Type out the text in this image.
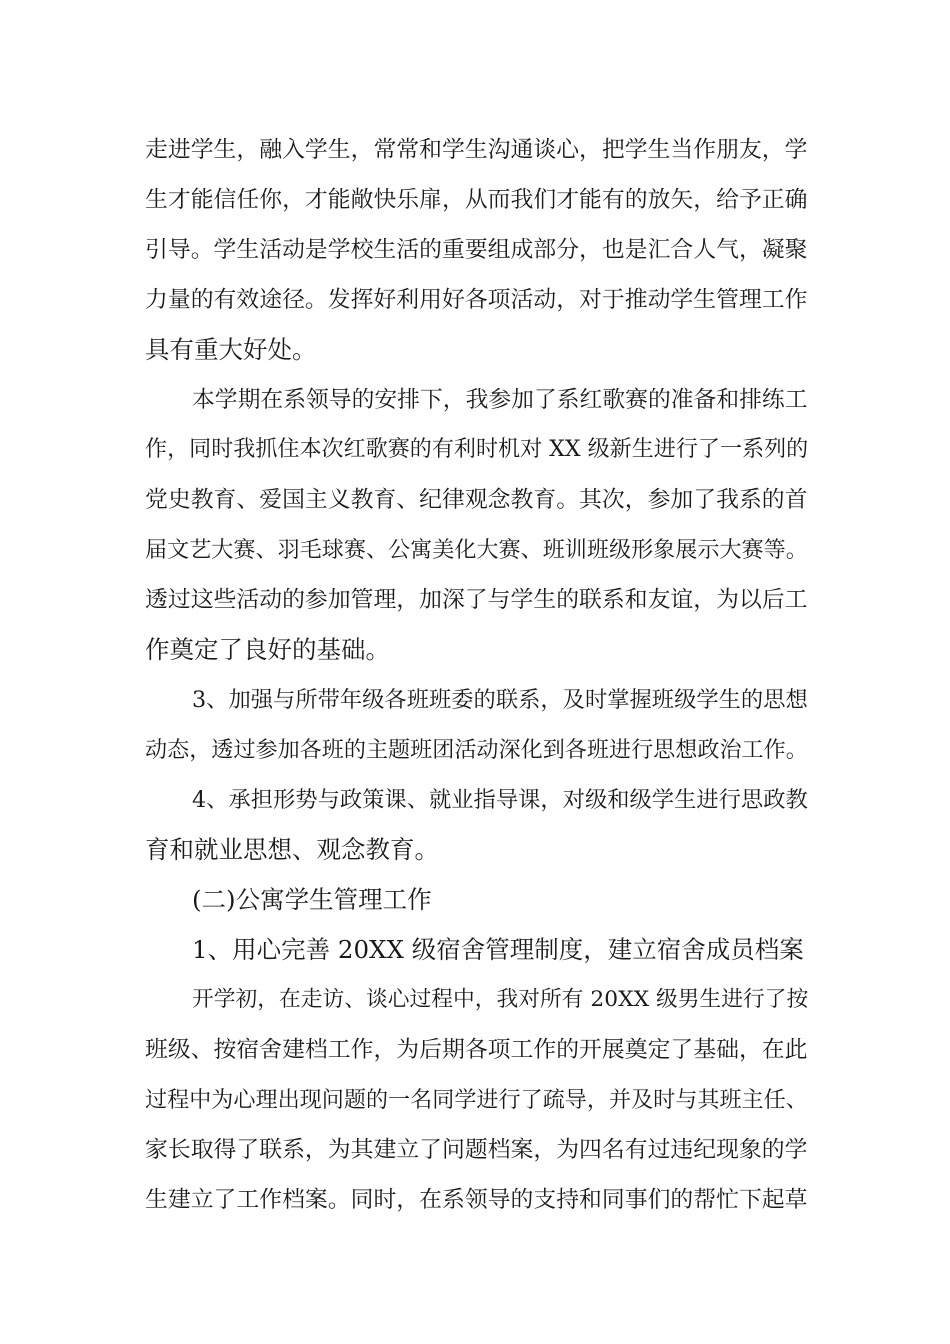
走进学生，融入学生，常常和学生沟通谈心，把学生当作朋友，学
生才能信任你，才能敞快乐扉，从而我们才能有的放矢，给予正确
引导。学生活动是学校生活的重要组成部分，也是汇合人气，凝聚
力量的有效途径。发挥好利用好各项活动，对于推动学生管理工作
具有重大好处。
本学期在系领导的安排下，我参加了系红歌赛的准备和排练工
作，同时我抓住本次红歌赛的有利时机对 XX 级新生进行了一系列的
党史教育、爱国主义教育、纪律观念教育。其次，参加了我系的首
届文艺大赛、羽毛球赛、公寓美化大赛、班训班级形象展示大赛等。
透过这些活动的参加管理，加深了与学生的联系和友谊，为以后工
作奠定了良好的基础。
3、加强与所带年级各班班委的联系，及时掌握班级学生的思想
动态，透过参加各班的主题班团活动深化到各班进行思想政治工作。
4、承担形势与政策课、就业指导课，对级和级学生进行思政教
育和就业思想、观念教育。
(二)公寓学生管理工作
1、用心完善 20XX 级宿舍管理制度，建立宿舍成员档案
开学初，在走访、谈心过程中，我对所有 20XX 级男生进行了按
班级、按宿舍建档工作，为后期各项工作的开展奠定了基础，在此
过程中为心理出现问题的一名同学进行了疏导，并及时与其班主任、
家长取得了联系，为其建立了问题档案，为四名有过违纪现象的学
生建立了工作档案。同时，在系领导的支持和同事们的帮忙下起草
